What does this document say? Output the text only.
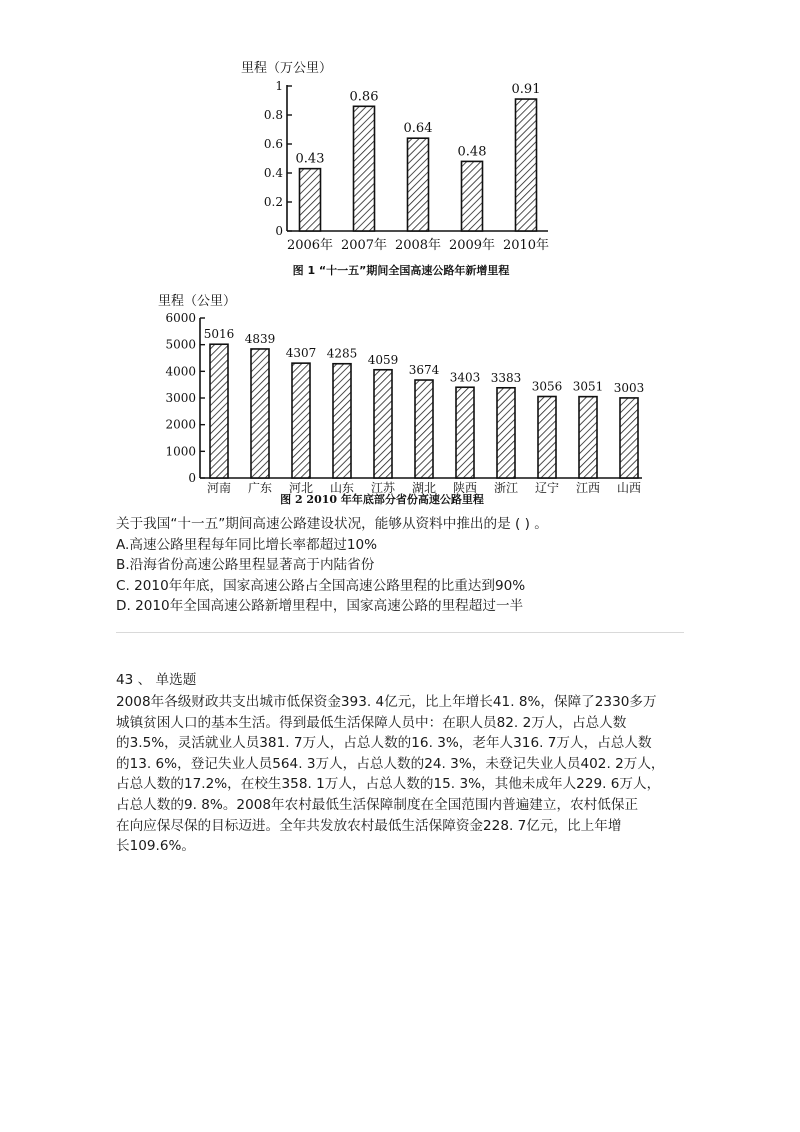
里程（万公里）
0
0.2
0.4
0.6
0.8
1
0.43
2006年
0.86
2007年
0.64
2008年
0.48
2009年
0.91
2010年
图 1 “十一五”期间全国高速公路年新增里程
里程（公里）
0
1000
2000
3000
4000
5000
6000
5016
河南
4839
广东
4307
河北
4285
山东
4059
江苏
3674
湖北
3403
陕西
3383
浙江
3056
辽宁
3051
江西
3003
山西
图 2 2010 年年底部分省份高速公路里程
关于我国“十一五”期间高速公路建设状况，能够从资料中推出的是 ( ) 。
A.高速公路里程每年同比增长率都超过10%
B.沿海省份高速公路里程显著高于内陆省份
C. 2010年年底，国家高速公路占全国高速公路里程的比重达到90%
D. 2010年全国高速公路新增里程中，国家高速公路的里程超过一半
43 、 单选题
2008年各级财政共支出城市低保资金393. 4亿元，比上年增长41. 8%，保障了2330多万
城镇贫困人口的基本生活。得到最低生活保障人员中：在职人员82. 2万人，占总人数
的3.5%，灵活就业人员381. 7万人，占总人数的16. 3%，老年人316. 7万人，占总人数
的13. 6%，登记失业人员564. 3万人，占总人数的24. 3%，未登记失业人员402. 2万人，
占总人数的17.2%，在校生358. 1万人，占总人数的15. 3%，其他未成年人229. 6万人，
占总人数的9. 8%。2008年农村最低生活保障制度在全国范围内普遍建立，农村低保正
在向应保尽保的目标迈进。全年共发放农村最低生活保障资金228. 7亿元，比上年增
长109.6%。
